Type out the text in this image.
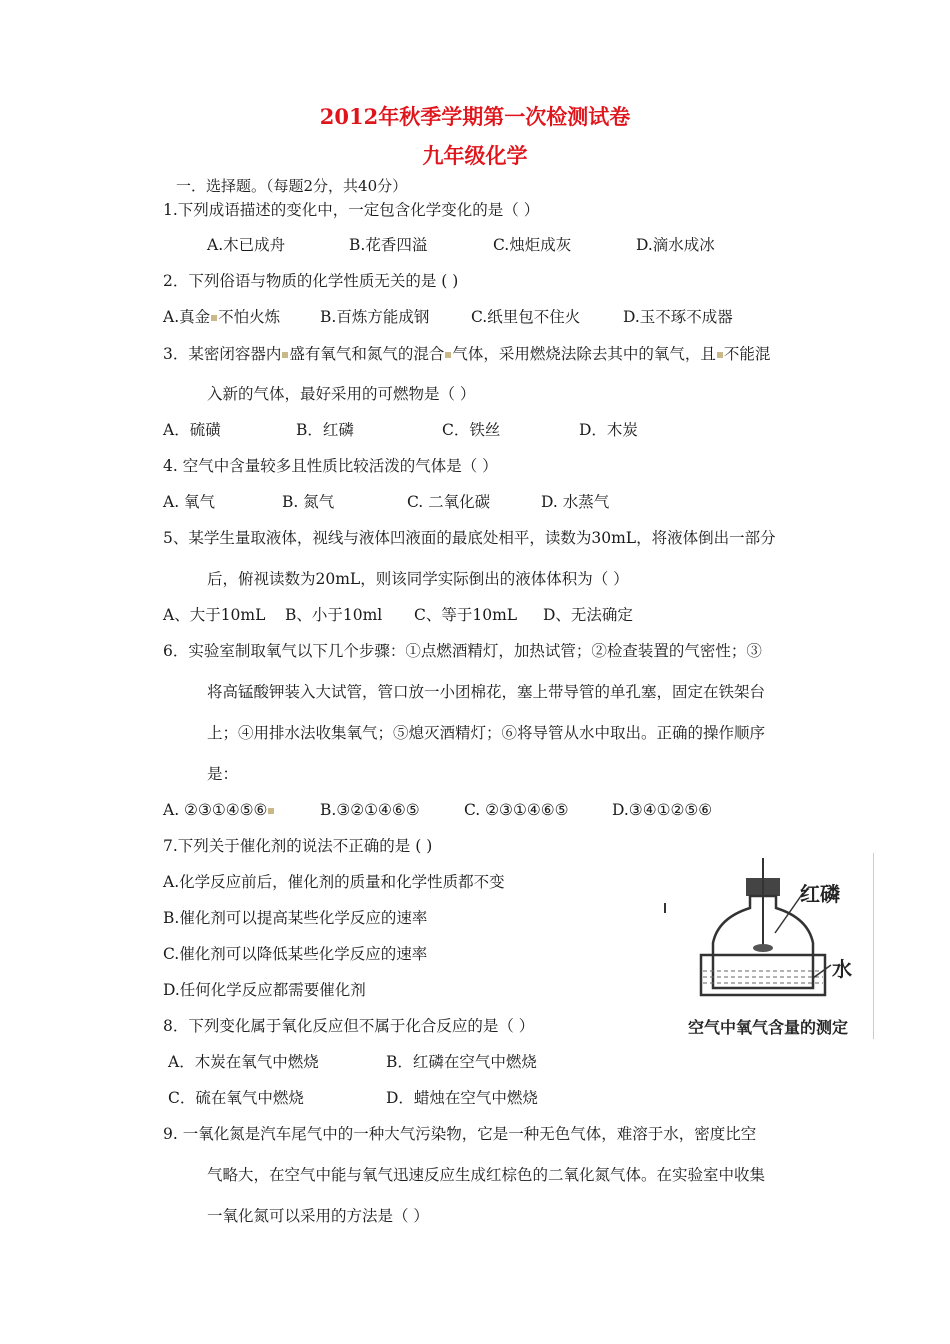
2012年秋季学期第一次检测试卷
九年级化学
一．选择题。（每题2分，共40分）
1.下列成语描述的变化中，一定包含化学变化的是（ ）
A.木已成舟	B.花香四溢	C.烛炬成灰	D.滴水成冰
2．下列俗语与物质的化学性质无关的是 ( )
A.真金 不怕火炼	B.百炼方能成钢	C.纸里包不住火	D.玉不琢不成器
3．某密闭容器内 盛有氧气和氮气的混合 气体，采用燃烧法除去其中的氧气，且 不能混
入新的气体，最好采用的可燃物是（ ）
A．硫磺	B．红磷	C．铁丝	D．木炭
4. 空气中含量较多且性质比较活泼的气体是（ ）
A. 氧气	B. 氮气	C. 二氧化碳	D. 水蒸气
5、某学生量取液体，视线与液体凹液面的最底处相平，读数为30mL，将液体倒出一部分
后，俯视读数为20mL，则该同学实际倒出的液体体积为（ ）
A、大于10mL B、小于10ml C、等于10mL D、无法确定
6．实验室制取氧气以下几个步骤：①点燃酒精灯，加热试管；②检查装置的气密性；③
将高锰酸钾装入大试管，管口放一小团棉花，塞上带导管的单孔塞，固定在铁架台
上；④用排水法收集氧气；⑤熄灭酒精灯；⑥将导管从水中取出。正确的操作顺序
是：
A. ②③①④⑤⑥	B.③②①④⑥⑤	C. ②③①④⑥⑤	D.③④①②⑤⑥
7.下列关于催化剂的说法不正确的是 ( )
A.化学反应前后，催化剂的质量和化学性质都不变
B.催化剂可以提高某些化学反应的速率
C.催化剂可以降低某些化学反应的速率
D.任何化学反应都需要催化剂
红磷
水
空气中氧气含量的测定
8．下列变化属于氧化反应但不属于化合反应的是（ ）
A．木炭在氧气中燃烧	B．红磷在空气中燃烧
C．硫在氧气中燃烧	D．蜡烛在空气中燃烧
9. 一氧化氮是汽车尾气中的一种大气污染物，它是一种无色气体，难溶于水，密度比空
气略大，在空气中能与氧气迅速反应生成红棕色的二氧化氮气体。在实验室中收集
一氧化氮可以采用的方法是（ ）
